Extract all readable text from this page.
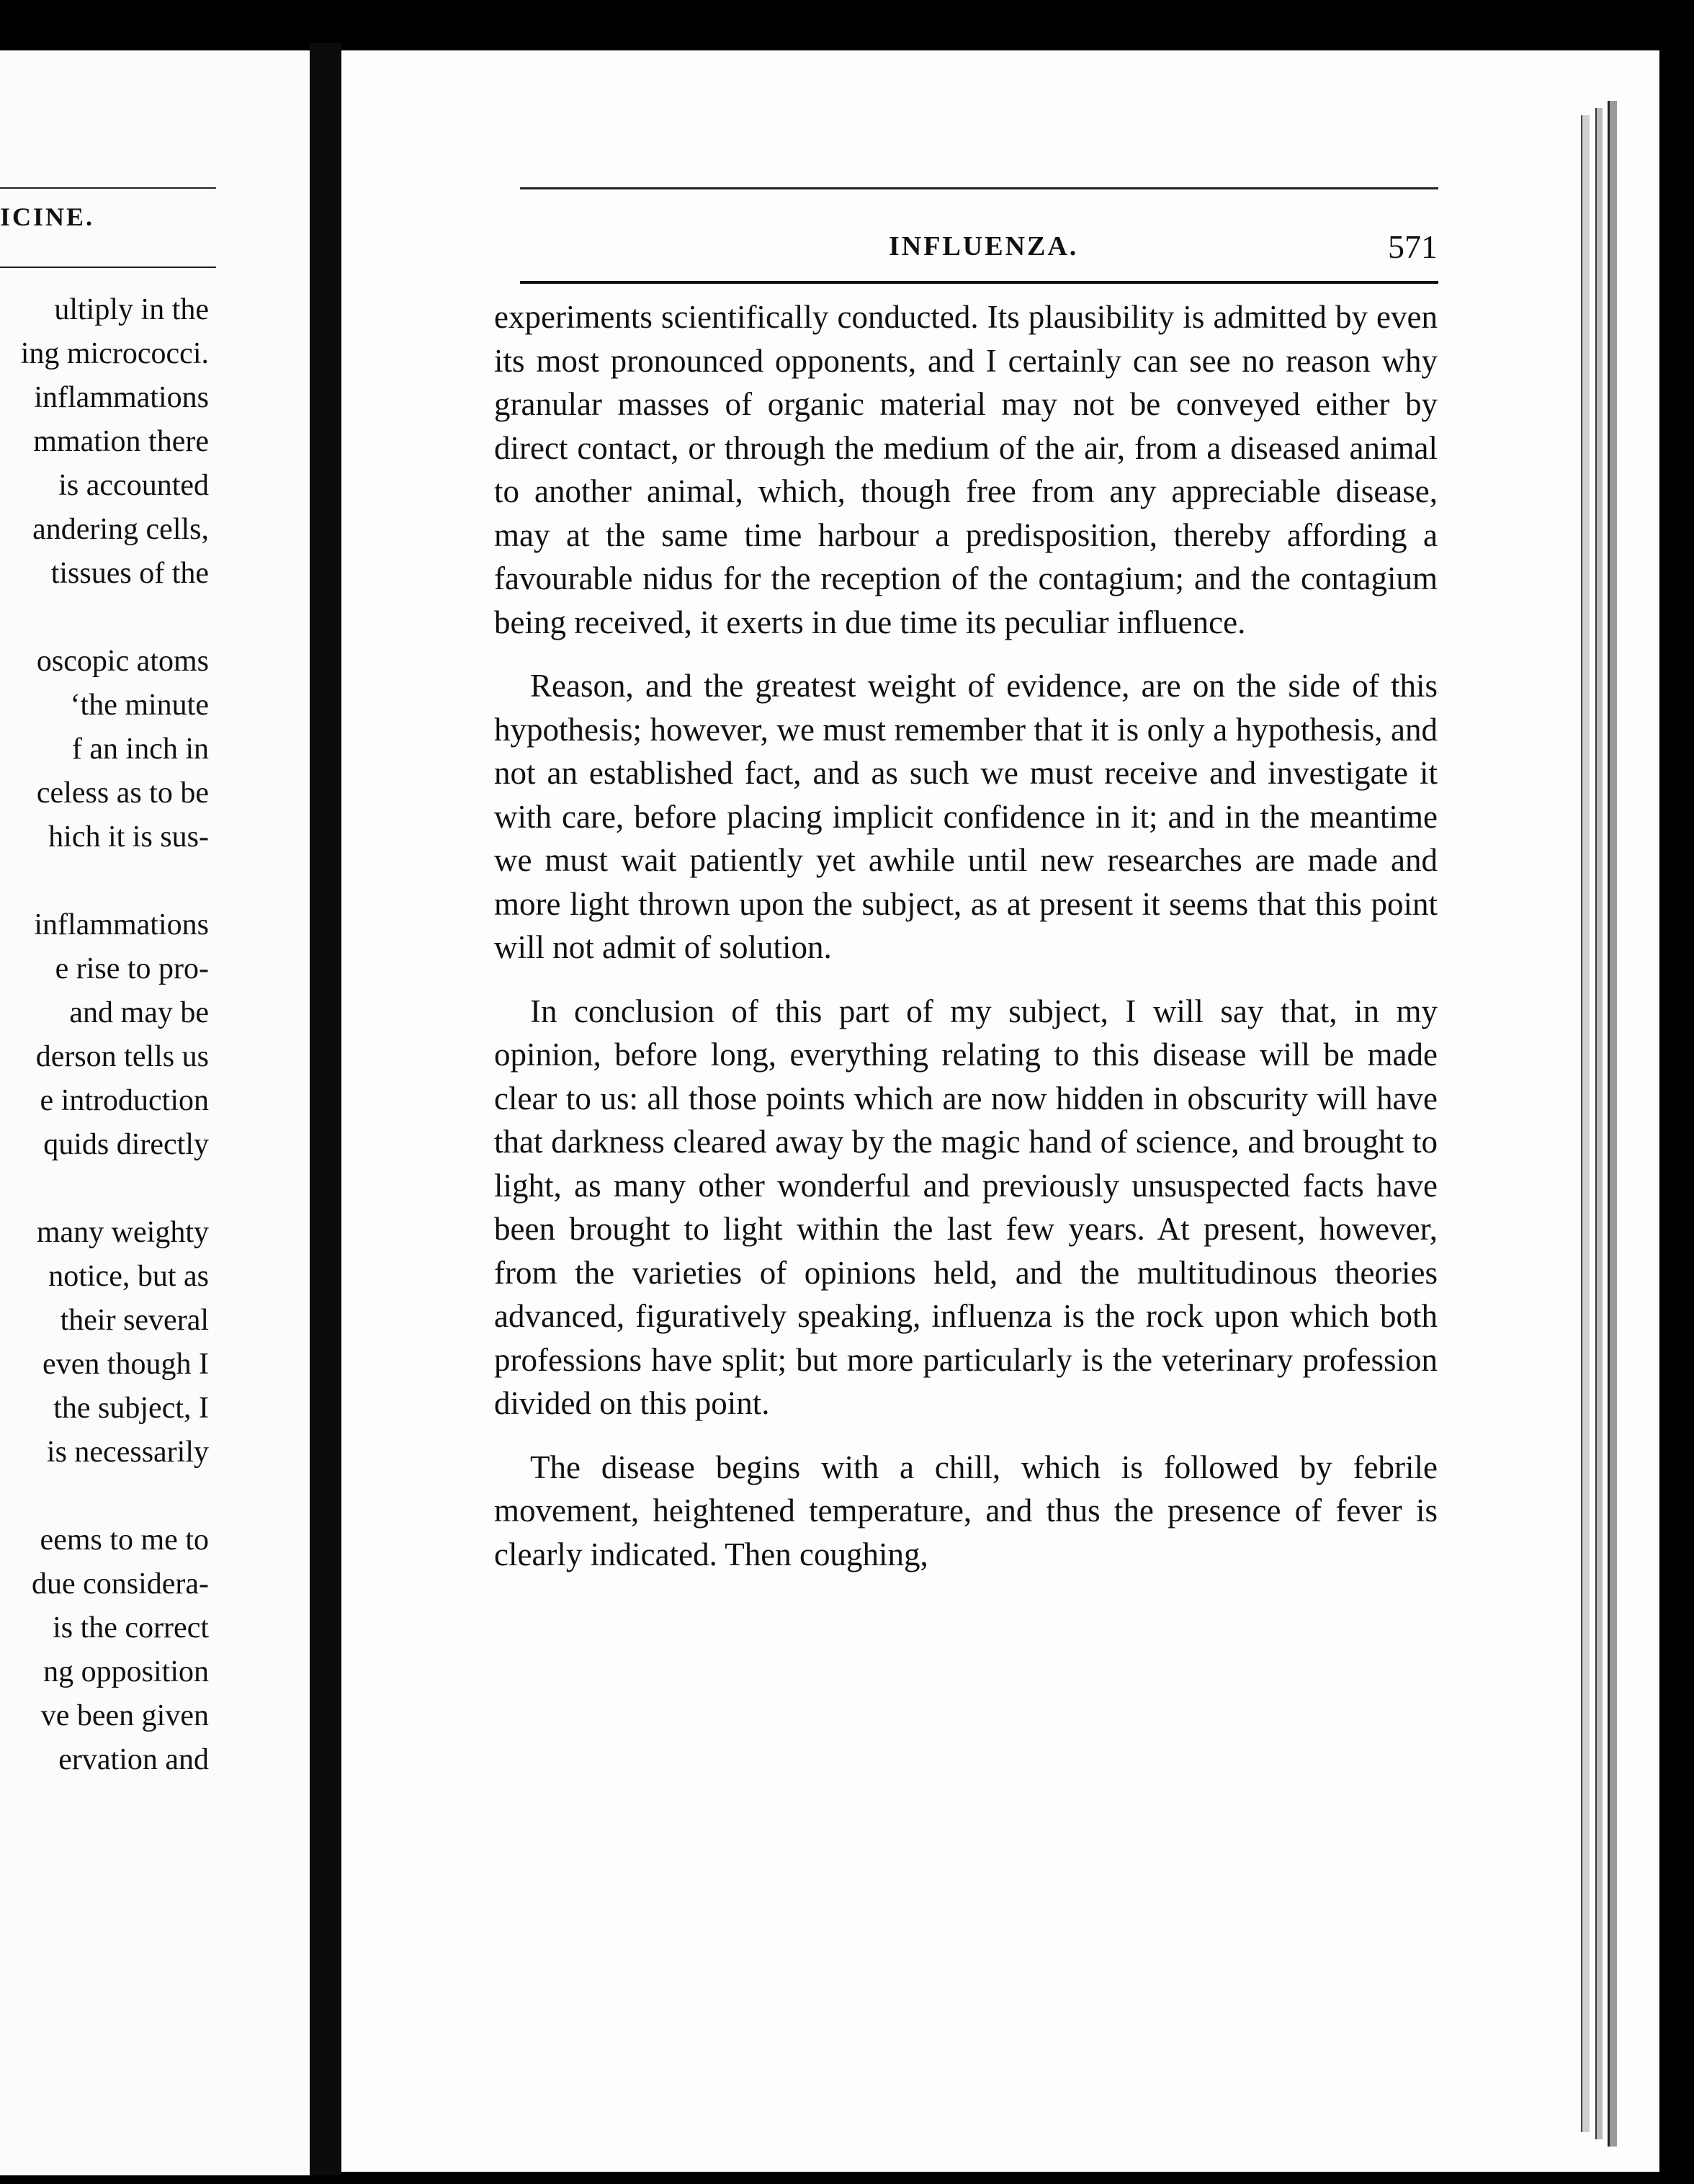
ICINE.
ultiply in the
ing micrococci.
inflammations
mmation there
is accounted
andering cells,
tissues of the
oscopic atoms
‘the minute
f an inch in
celess as to be
hich it is sus-
inflammations
e rise to pro-
and may be
derson tells us
e introduction
quids directly
many weighty
notice, but as
their several
even though I
the subject, I
is necessarily
eems to me to
due considera-
is the correct
ng opposition
ve been given
ervation and
INFLUENZA.	571

experiments scientifically conducted. Its plausibility is admitted by even its most pronounced opponents, and I certainly can see no reason why granular masses of organic material may not be conveyed either by direct contact, or through the medium of the air, from a diseased animal to another animal, which, though free from any appreciable disease, may at the same time harbour a predisposition, thereby affording a favourable nidus for the reception of the contagium; and the contagium being received, it exerts in due time its peculiar influence.

Reason, and the greatest weight of evidence, are on the side of this hypothesis; however, we must remember that it is only a hypothesis, and not an established fact, and as such we must receive and investigate it with care, before placing implicit confidence in it; and in the meantime we must wait patiently yet awhile until new researches are made and more light thrown upon the subject, as at present it seems that this point will not admit of solution.

In conclusion of this part of my subject, I will say that, in my opinion, before long, everything relating to this disease will be made clear to us: all those points which are now hidden in obscurity will have that darkness cleared away by the magic hand of science, and brought to light, as many other wonderful and previously unsuspected facts have been brought to light within the last few years. At present, however, from the varieties of opinions held, and the multitudinous theories advanced, figuratively speaking, influenza is the rock upon which both professions have split; but more particularly is the veterinary profession divided on this point.

The disease begins with a chill, which is followed by febrile movement, heightened temperature, and thus the presence of fever is clearly indicated. Then coughing,
